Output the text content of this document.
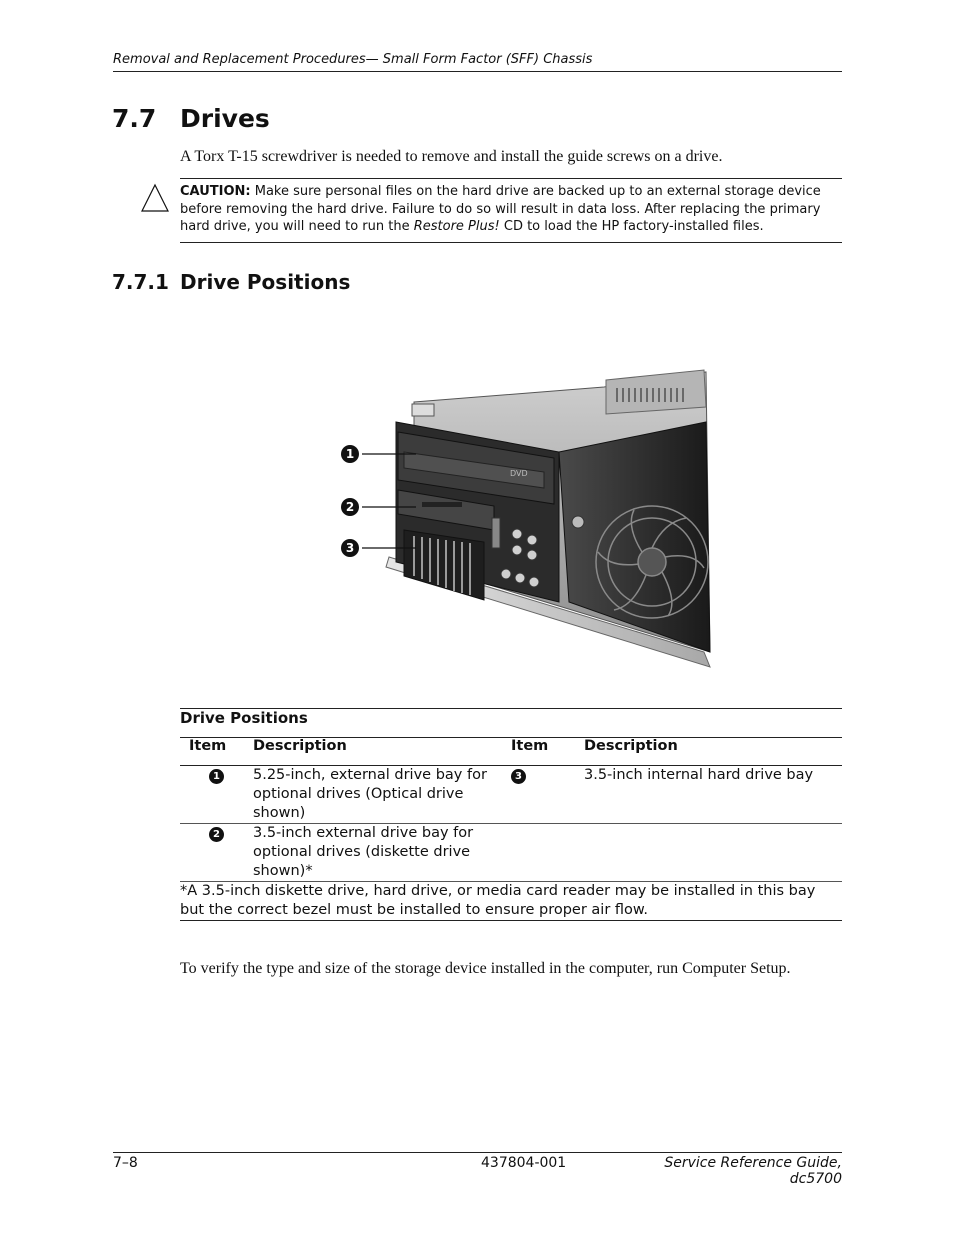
Removal and Replacement Procedures— Small Form Factor (SFF) Chassis
7.7 Drives
A Torx T-15 screwdriver is needed to remove and install the guide screws on a drive.
CAUTION: Make sure personal files on the hard drive are backed up to an external storage device before removing the hard drive. Failure to do so will result in data loss. After replacing the primary hard drive, you will need to run the Restore Plus! CD to load the HP factory-installed files.
7.7.1 Drive Positions
DVD
1
2
3
Drive Positions			
Item	Description	Item	Description
1	5.25-inch, external drive bay for optional drives (Optical drive shown)	3	3.5-inch internal hard drive bay
2	3.5-inch external drive bay for optional drives (diskette drive shown)*		
*A 3.5-inch diskette drive, hard drive, or media card reader may be installed in this bay but the correct bezel must be installed to ensure proper air flow.			
To verify the type and size of the storage device installed in the computer, run Computer Setup.
7–8	437804-001	Service Reference Guide, dc5700
